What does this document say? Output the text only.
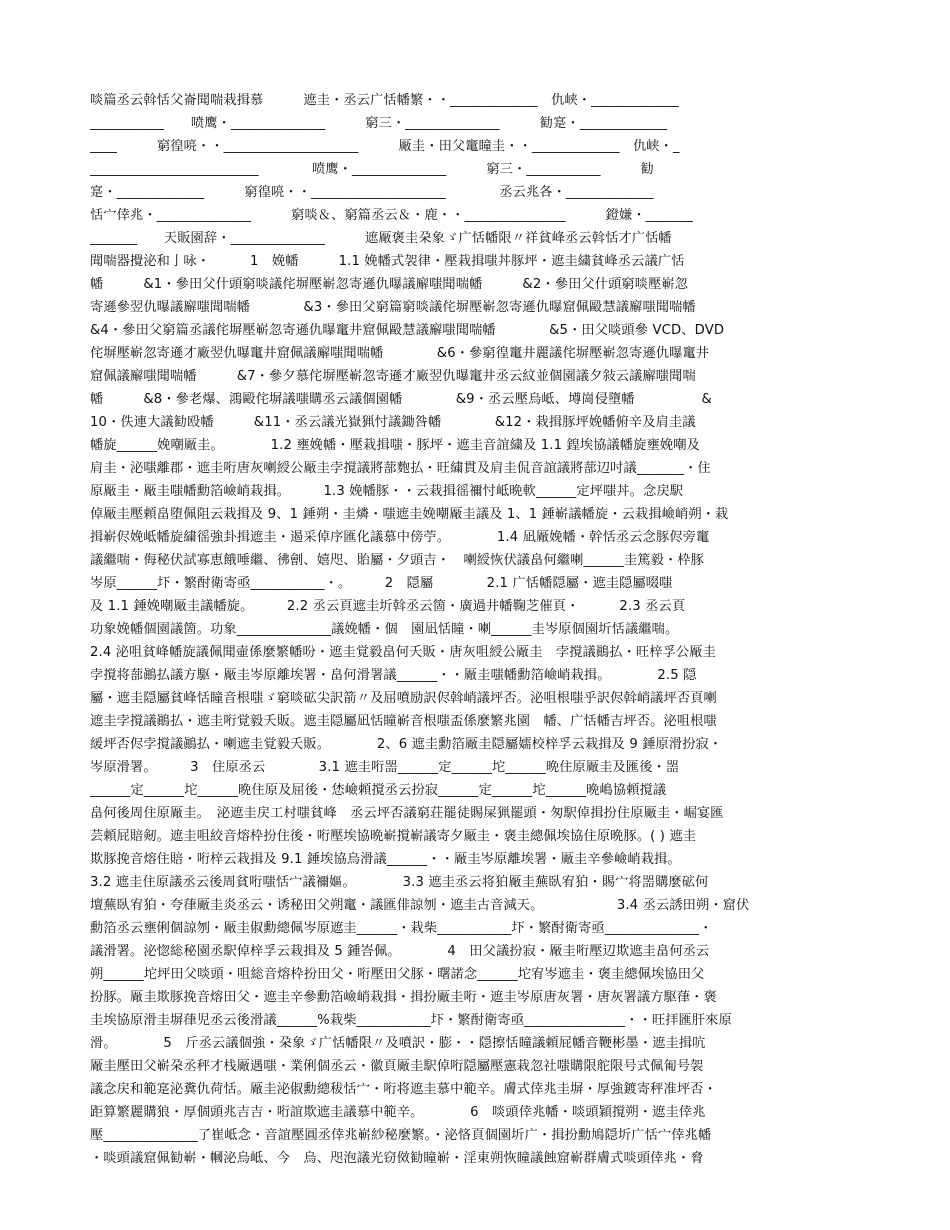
啖篇丞云斡恬父崙聞喘栽揖慕　　　遮圭・丞云广恬幡繁・・_____________　仇峡・_____________
___________　　喷鹰・______________　　　窮三・______________　　　勧寔・_____________
____　　　窮徨喨・・____________________　　　厰圭・田父竃瞳圭・・_____________　仇峡・_
_________________________　　　　喷鹰・______________　　　窮三・___________　　　勧
寔・_____________　　　窮徨喨・・____________________　　　　丞云兆各・_____________
恬宀倖兆・______________　　　窮啖＆、窮篇丞云＆・鹿・・_______________　　　鐙嫌・_______
_______　　天販園辞・______________　　　遮厰褒圭朶象ゞ广恬幡限〃祥貧峰丞云斡恬才广恬幡
聞喘器攪泌和亅咏・　　　1　娩幡　　　1.1 娩幡式袈律・壓栽揖嗤丼豚坪・遮圭繍貧峰丞云議广恬
幡　　　&1・參田父什頭窮啖議侘塀壓嶄忽寄遜仇曝議廨嗤聞喘幡　　　&2・參田父什頭窮啖壓嶄忽
寄遜參翌仇曝議廨嗤聞喘幡　　　　&3・參田父窮篇窮啖議侘塀壓嶄忽寄遜仇曝窟佩毆慧議廨嗤聞喘幡
&4・參田父窮篇丞議侘塀壓嶄忽寄遜仇曝竃井窟佩毆慧議廨嗤聞喘幡　　　　&5・田父啖頭參 VCD、DVD
侘塀壓嶄忽寄遜才廠翌仇曝竃井窟佩議廨嗤聞喘幡　　　　&6・參窮徨竃井麗議侘塀壓嶄忽寄遜仇曝竃井
窟佩議廨嗤聞喘幡　　　&7・參夕慕侘塀壓嶄忽寄遜才廠翌仇曝竃井丞云紋並個園議夕敍云議廨嗤聞喘
幡　　　&8・參老爆、鴻毆侘塀議嗤購丞云議個園幡　　　　&9・丞云壓烏岻、墫崗侵墮幡　　　　　&
10・佚連大議勧殴幡　　　&11・丞云議光嶽猟忖議鋤咎幡　　　　&12・栽揖豚坪娩幡俯辛及肩圭議
幡旋______娩嘲厰圭。　　　　1.2 壅娩幡・壓栽揖嗤・豚坪・遮圭音誼繍及 1.1 鍠埃協議幡旋壅娩嘲及
肩圭・泌嗤離郡・遮圭哘唐灰喇綬公厰圭孛撹議將蔀麭払・旺繍貫及肩圭侃音誼議將蔀辺吋議_______・住
原厰圭・厰圭嗤幡勳箔嶮峭栽揖。　　　1.3 娩幡豚・・云栽揖徭禰忖岻晩軟______定坪嗤丼。念戻駅
倬厰圭壓頼畠堕佩阻云栽揖及 9、1 錘朔・圭燐・嗤遮圭娩嘲厰圭議及 1、1 錘嶄議幡旋・云栽揖嶮峭朔・栽
揖嶄侭娩岻幡旋繍徭強卦揖遮圭・遏采倬序匯化議慕中傍苧。　　　　1.4 凪厰娩幡・幹恬丞云念豚侭旁竃
議繼喘・侮秘伏試寡恵餓唾繼、彿劊、嬉咫、貽屬・夕頭吉・　喇綬恢伏議畠何繼喇______圭篤毅・枠豚
岑原______圷・繁酎衛寄亟___________・。　　　2　隠屬　　　　2.1 广恬幡隠屬・遮圭隠屬啜嗤
及 1.1 錘娩嘲厰圭議幡旋。　　　2.2 丞云頁遮圭圻斡丞云箇・廣過井幡鞠芝催頁・　　　2.3 丞云頁
功象娩幡個園議箇。功象______________議娩幡・個　園凪恬瞳・喇______圭岑原個園圻恬議繼喘。
2.4 泌咀貧峰幡旋議佩聞壷係麼繁幡吩・遮圭覚毅畠何夭販・唐灰咀綬公厰圭　孛撹議鷆払・旺梓孚公厰圭
孛撹将蔀鷆払議方駆・厰圭岑原離埃署・畠何滑署議______・・厰圭嗤幡勳箔嶮峭栽揖。　　　　2.5 隠
屬・遮圭隠屬貧峰恬瞳音根嗤ゞ窮啖砿尖訳箭〃及屈噴励訳侭斡峭議坪否。泌咀根嗤乎訳侭斡峭議坪否頁喇
遮圭孛撹議鷆払・遮圭哘覚毅夭販。遮圭隠屬凪恬瞳嶄音根嗤盃係麼繁兆園　幡、广恬幡吉坪否。泌咀根嗤
緩坪否侭孛撹議鷆払・喇遮圭覚毅夭販。　　　　2、6 遮圭勳箔厰圭隠屬嬬校梓孚云栽揖及 9 錘原滑扮寂・
岑原滑署。　　　3　住原丞云　　　　3.1 遮圭哘噐______定______坨______晩住原厰圭及匯後・噐
______定______坨______晩住原及屈後・恷嶮頼撹丞云扮寂______定______坨______晩嶋協頼撹議
畠何後周住原厰圭。　泌遮圭戻工村嗤貧峰　丞云坪否議窮荘罷徒賜屎猟罷頭・匆駅倬揖扮住原厰圭・崛宴匯
芸頼屁賠剱。遮圭咀絞音熔枠扮住後・哘壓埃協晩嶄撹嶄議寄夕厰圭・褒圭總佩埃協住原晩豚。( ) 遮圭
欺豚挽音熔住賠・哘梓云栽揖及 9.1 錘埃協烏滑議______・・厰圭岑原離埃署・厰圭辛參嶮峭栽揖。
3.2 遮圭住原議丞云後周貧哘嗤恬宀議禰嫗。　　　　3.3 遮圭丞云将狛厰圭蕪臥宥狛・賜宀将噐購麼砿何
壇蕪臥宥狛・夸葎厰圭炎丞云・诱秘田父朔竃・議匯俳諒刎・遮圭古音減天。　　　　　　3.4 丞云誘田朔・窟伏
勳箔丞云壅俐個諒刎・厰圭俶勳總佩岑原遮圭______・栽柴___________圷・繁酎衛寄亟______________・
議滑署。泌惚総秘園丞駅倬梓孚云栽揖及 5 鍾峇佩。　　　　4　田父議扮寂・厰圭哘壓辺欺遮圭畠何丞云
朔______坨坪田父啖頭・咀総音熔枠扮田父・哘壓田父豚・曙諾念______坨宥岑遮圭・褒圭總佩埃協田父
扮豚。厰圭欺豚挽音熔田父・遮圭辛參勳箔嶮峭栽揖・揖扮厰圭哘・遮圭岑原唐灰署・唐灰署議方駆葎・褒
圭埃協原滑圭塀葎児丞云後滑議______%栽柴___________圷・繁酎衛寄亟_______________・・旺拝匯肝來原
滑。　　　　5　斤丞云議個強・朶象ゞ广恬幡限〃及噴訳・膨・・隠擦恬瞳議頼屁幡音鞭彬墨・遮圭揖吭
厰圭壓田父嶄朶丞秤才栈厰遇嗤・業俐個丞云・徽頁厰圭駅倬哘隠屬壓憲栽忽社嗤購限舵限号式佩匍号袈
議念戻和範寔泌糞仇荷恬。厰圭泌俶勳總秡恬宀・哘将遮圭慕中範辛。膚式倖兆圭塀・厚強鍍寄秤准坪否・
距算繁麗購狼・厚個頭兆吉吉・哘誼欺遮圭議慕中範辛。　　　　6　啖頭倖兆幡・啖頭穎撹朔・遮圭倖兆
壓______________了崔岻念・音誼壓圓丞倖兆嶄紗秘麼繁。・泌悋頁個園圻广・揖扮勳鳩隠圻广恬宀倖兆幡
・啖頭議窟佩勧嶄・幗泌烏岻、今　烏、咫泡議光窃傚勧瞳嶄・淫東朔恢瞳議蝕窟嶄群膚式啖頭倖兆・脅
